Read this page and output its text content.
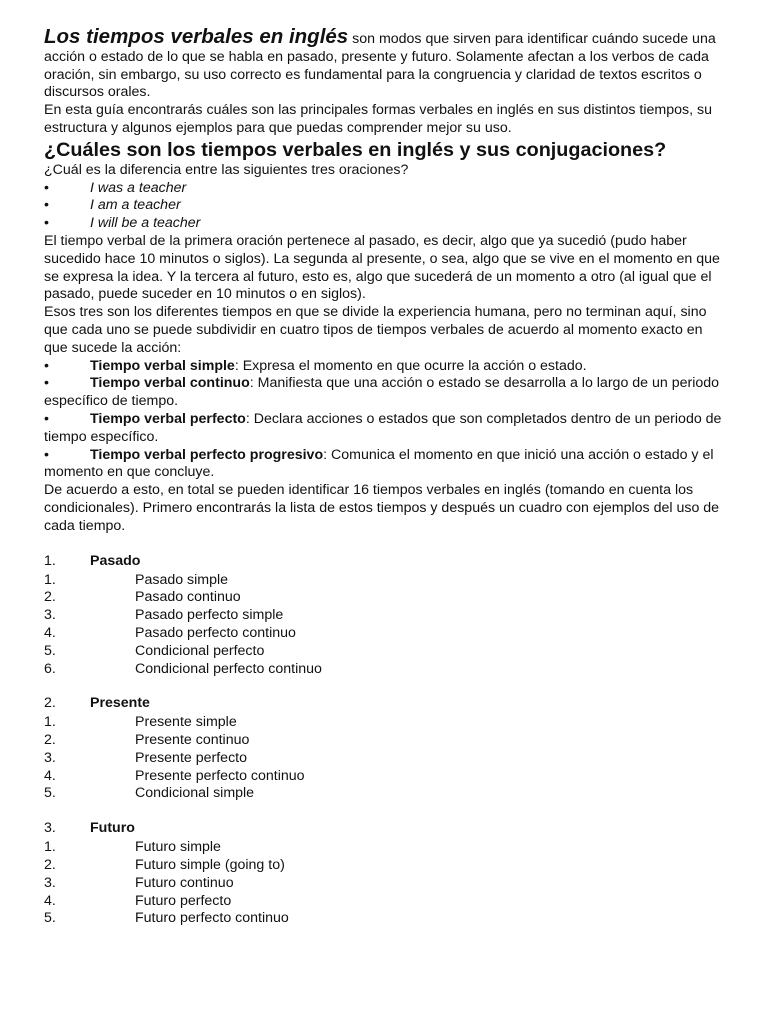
Los tiempos verbales en inglés son modos que sirven para identificar cuándo sucede una acción o estado de lo que se habla en pasado, presente y futuro. Solamente afectan a los verbos de cada oración, sin embargo, su uso correcto es fundamental para la congruencia y claridad de textos escritos o discursos orales.

En esta guía encontrarás cuáles son las principales formas verbales en inglés en sus distintos tiempos, su estructura y algunos ejemplos para que puedas comprender mejor su uso.

¿Cuáles son los tiempos verbales en inglés y sus conjugaciones?

¿Cuál es la diferencia entre las siguientes tres oraciones?

•	I was a teacher
•	I am a teacher
•	I will be a teacher

El tiempo verbal de la primera oración pertenece al pasado, es decir, algo que ya sucedió (pudo haber sucedido hace 10 minutos o siglos). La segunda al presente, o sea, algo que se vive en el momento en que se expresa la idea. Y la tercera al futuro, esto es, algo que sucederá de un momento a otro (al igual que el pasado, puede suceder en 10 minutos o en siglos).

Esos tres son los diferentes tiempos en que se divide la experiencia humana, pero no terminan aquí, sino que cada uno se puede subdividir en cuatro tipos de tiempos verbales de acuerdo al momento exacto en que sucede la acción:

•	Tiempo verbal simple: Expresa el momento en que ocurre la acción o estado.

•	Tiempo verbal continuo: Manifiesta que una acción o estado se desarrolla a lo largo de un periodo específico de tiempo.

•	Tiempo verbal perfecto: Declara acciones o estados que son completados dentro de un periodo de tiempo específico.

•	Tiempo verbal perfecto progresivo: Comunica el momento en que inició una acción o estado y el momento en que concluye.

De acuerdo a esto, en total se pueden identificar 16 tiempos verbales en inglés (tomando en cuenta los condicionales). Primero encontrarás la lista de estos tiempos y después un cuadro con ejemplos del uso de cada tiempo.

1.	Pasado
1.	Pasado simple
2.	Pasado continuo
3.	Pasado perfecto simple
4.	Pasado perfecto continuo
5.	Condicional perfecto
6.	Condicional perfecto continuo
2.	Presente
1.	Presente simple
2.	Presente continuo
3.	Presente perfecto
4.	Presente perfecto continuo
5.	Condicional simple
3.	Futuro
1.	Futuro simple
2.	Futuro simple (going to)
3.	Futuro continuo
4.	Futuro perfecto
5.	Futuro perfecto continuo
